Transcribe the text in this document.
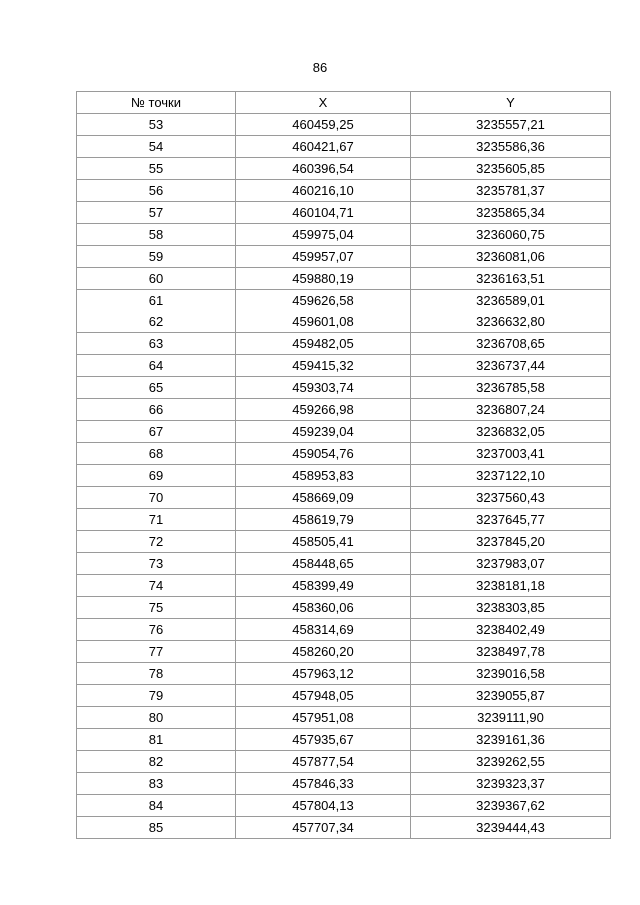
86
№ точки	X	Y
53	460459,25	3235557,21
54	460421,67	3235586,36
55	460396,54	3235605,85
56	460216,10	3235781,37
57	460104,71	3235865,34
58	459975,04	3236060,75
59	459957,07	3236081,06
60	459880,19	3236163,51
61	459626,58	3236589,01
62	459601,08	3236632,80
63	459482,05	3236708,65
64	459415,32	3236737,44
65	459303,74	3236785,58
66	459266,98	3236807,24
67	459239,04	3236832,05
68	459054,76	3237003,41
69	458953,83	3237122,10
70	458669,09	3237560,43
71	458619,79	3237645,77
72	458505,41	3237845,20
73	458448,65	3237983,07
74	458399,49	3238181,18
75	458360,06	3238303,85
76	458314,69	3238402,49
77	458260,20	3238497,78
78	457963,12	3239016,58
79	457948,05	3239055,87
80	457951,08	3239111,90
81	457935,67	3239161,36
82	457877,54	3239262,55
83	457846,33	3239323,37
84	457804,13	3239367,62
85	457707,34	3239444,43
